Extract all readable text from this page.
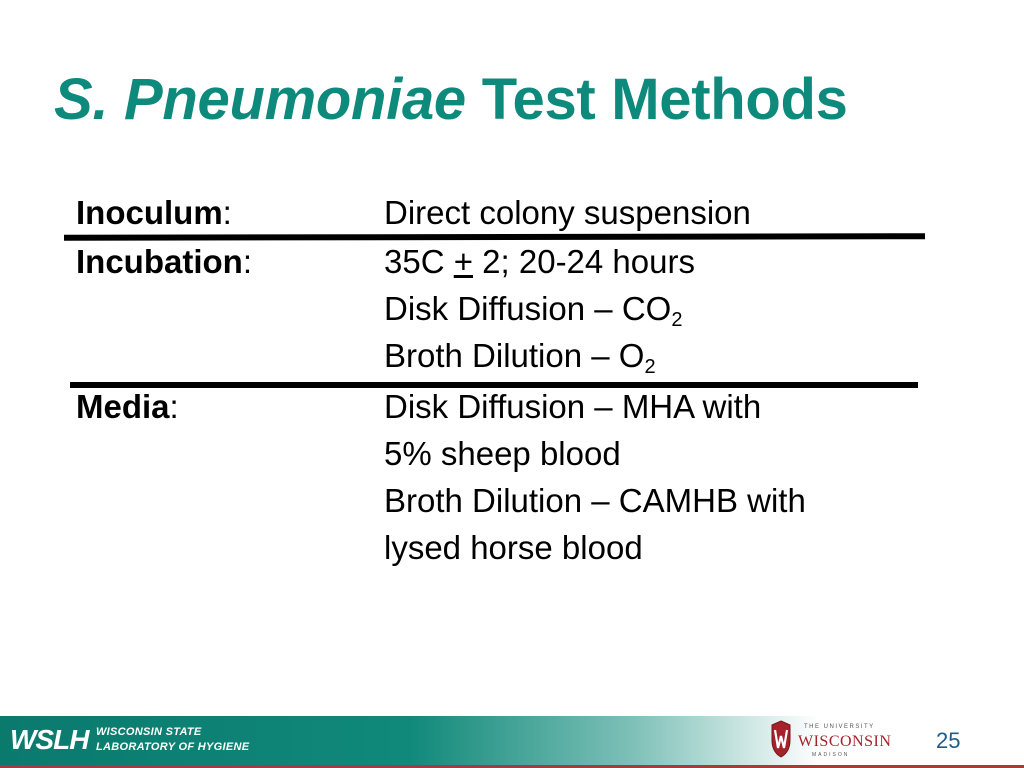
S. Pneumoniae Test Methods
Inoculum:	Direct colony suspension
Incubation:	35C + 2; 20-24 hours
Disk Diffusion – $CO_2$
Broth Dilution – $O_2$
Media:	Disk Diffusion – MHA with
5% sheep blood
Broth Dilution – CAMHB with
lysed horse blood
WSLH WISCONSIN STATE
LABORATORY OF HYGIENE
THE UNIVERSITY
WISCONSIN
MADISON
25
